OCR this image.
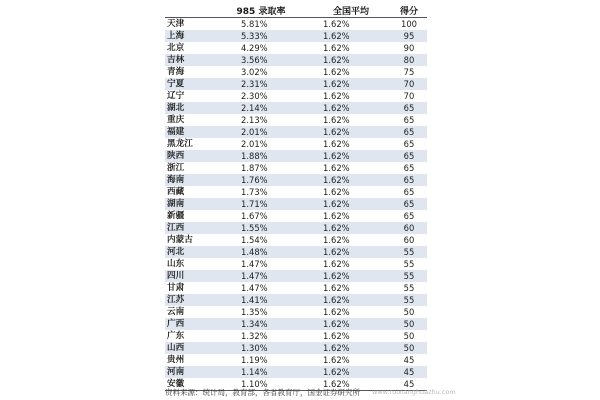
	985 录取率	全国平均	得分
天津	5.81%	1.62%	100
上海	5.33%	1.62%	95
北京	4.29%	1.62%	90
吉林	3.56%	1.62%	80
青海	3.02%	1.62%	75
宁夏	2.31%	1.62%	70
辽宁	2.30%	1.62%	70
湖北	2.14%	1.62%	65
重庆	2.13%	1.62%	65
福建	2.01%	1.62%	65
黑龙江	2.01%	1.62%	65
陕西	1.88%	1.62%	65
浙江	1.87%	1.62%	65
海南	1.76%	1.62%	65
西藏	1.73%	1.62%	65
湖南	1.71%	1.62%	65
新疆	1.67%	1.62%	65
江西	1.55%	1.62%	60
内蒙古	1.54%	1.62%	60
河北	1.48%	1.62%	55
山东	1.47%	1.62%	55
四川	1.47%	1.62%	55
甘肃	1.47%	1.62%	55
江苏	1.41%	1.62%	55
云南	1.35%	1.62%	50
广西	1.34%	1.62%	50
广东	1.32%	1.62%	50
山西	1.30%	1.62%	50
贵州	1.19%	1.62%	45
河南	1.14%	1.62%	45
安徽	1.10%	1.62%	45
资料来源：统计局，教育部，各省教育厅，国金证券研究所 www.ruixianghuazhu.com
